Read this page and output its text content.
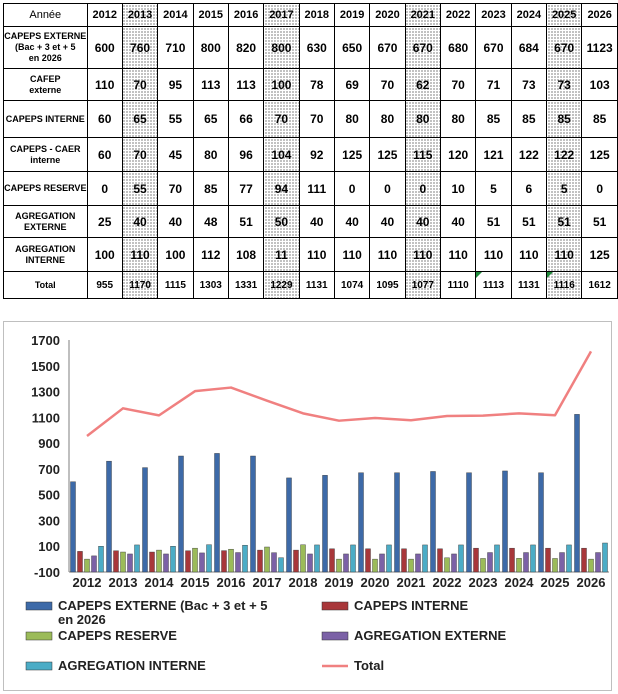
Année	2012	2013	2014	2015	2016	2017	2018	2019	2020	2021	2022	2023	2024	2025	2026

CAPEPS EXTERNE
(Bac + 3 et + 5
en 2026	600	760	710	800	820	800	630	650	670	670	680	670	684	670	1123

CAFEP
externe	110	70	95	113	113	100	78	69	70	62	70	71	73	73	103

CAPEPS INTERNE	60	65	55	65	66	70	70	80	80	80	80	85	85	85	85

CAPEPS - CAER
interne	60	70	45	80	96	104	92	125	125	115	120	121	122	122	125

CAPEPS RESERVE	0	55	70	85	77	94	111	0	0	0	10	5	6	5	0

AGREGATION
EXTERNE	25	40	40	48	51	50	40	40	40	40	40	51	51	51	51

AGREGATION
INTERNE	100	110	100	112	108	11	110	110	110	110	110	110	110	110	125

Total	955	1170	1115	1303	1331	1229	1131	1074	1095	1077	1110	1113	1131	1116	1612
-100
100
300
500
700
900
1100
1300
1500
1700
2012 2013 2014 2015 2016 2017 2018 2019 2020 2021 2022 2023 2024 2025 2026
CAPEPS EXTERNE (Bac + 3 et + 5
en 2026
CAPEPS INTERNE
CAPEPS RESERVE	AGREGATION EXTERNE
AGREGATION INTERNE	Total
